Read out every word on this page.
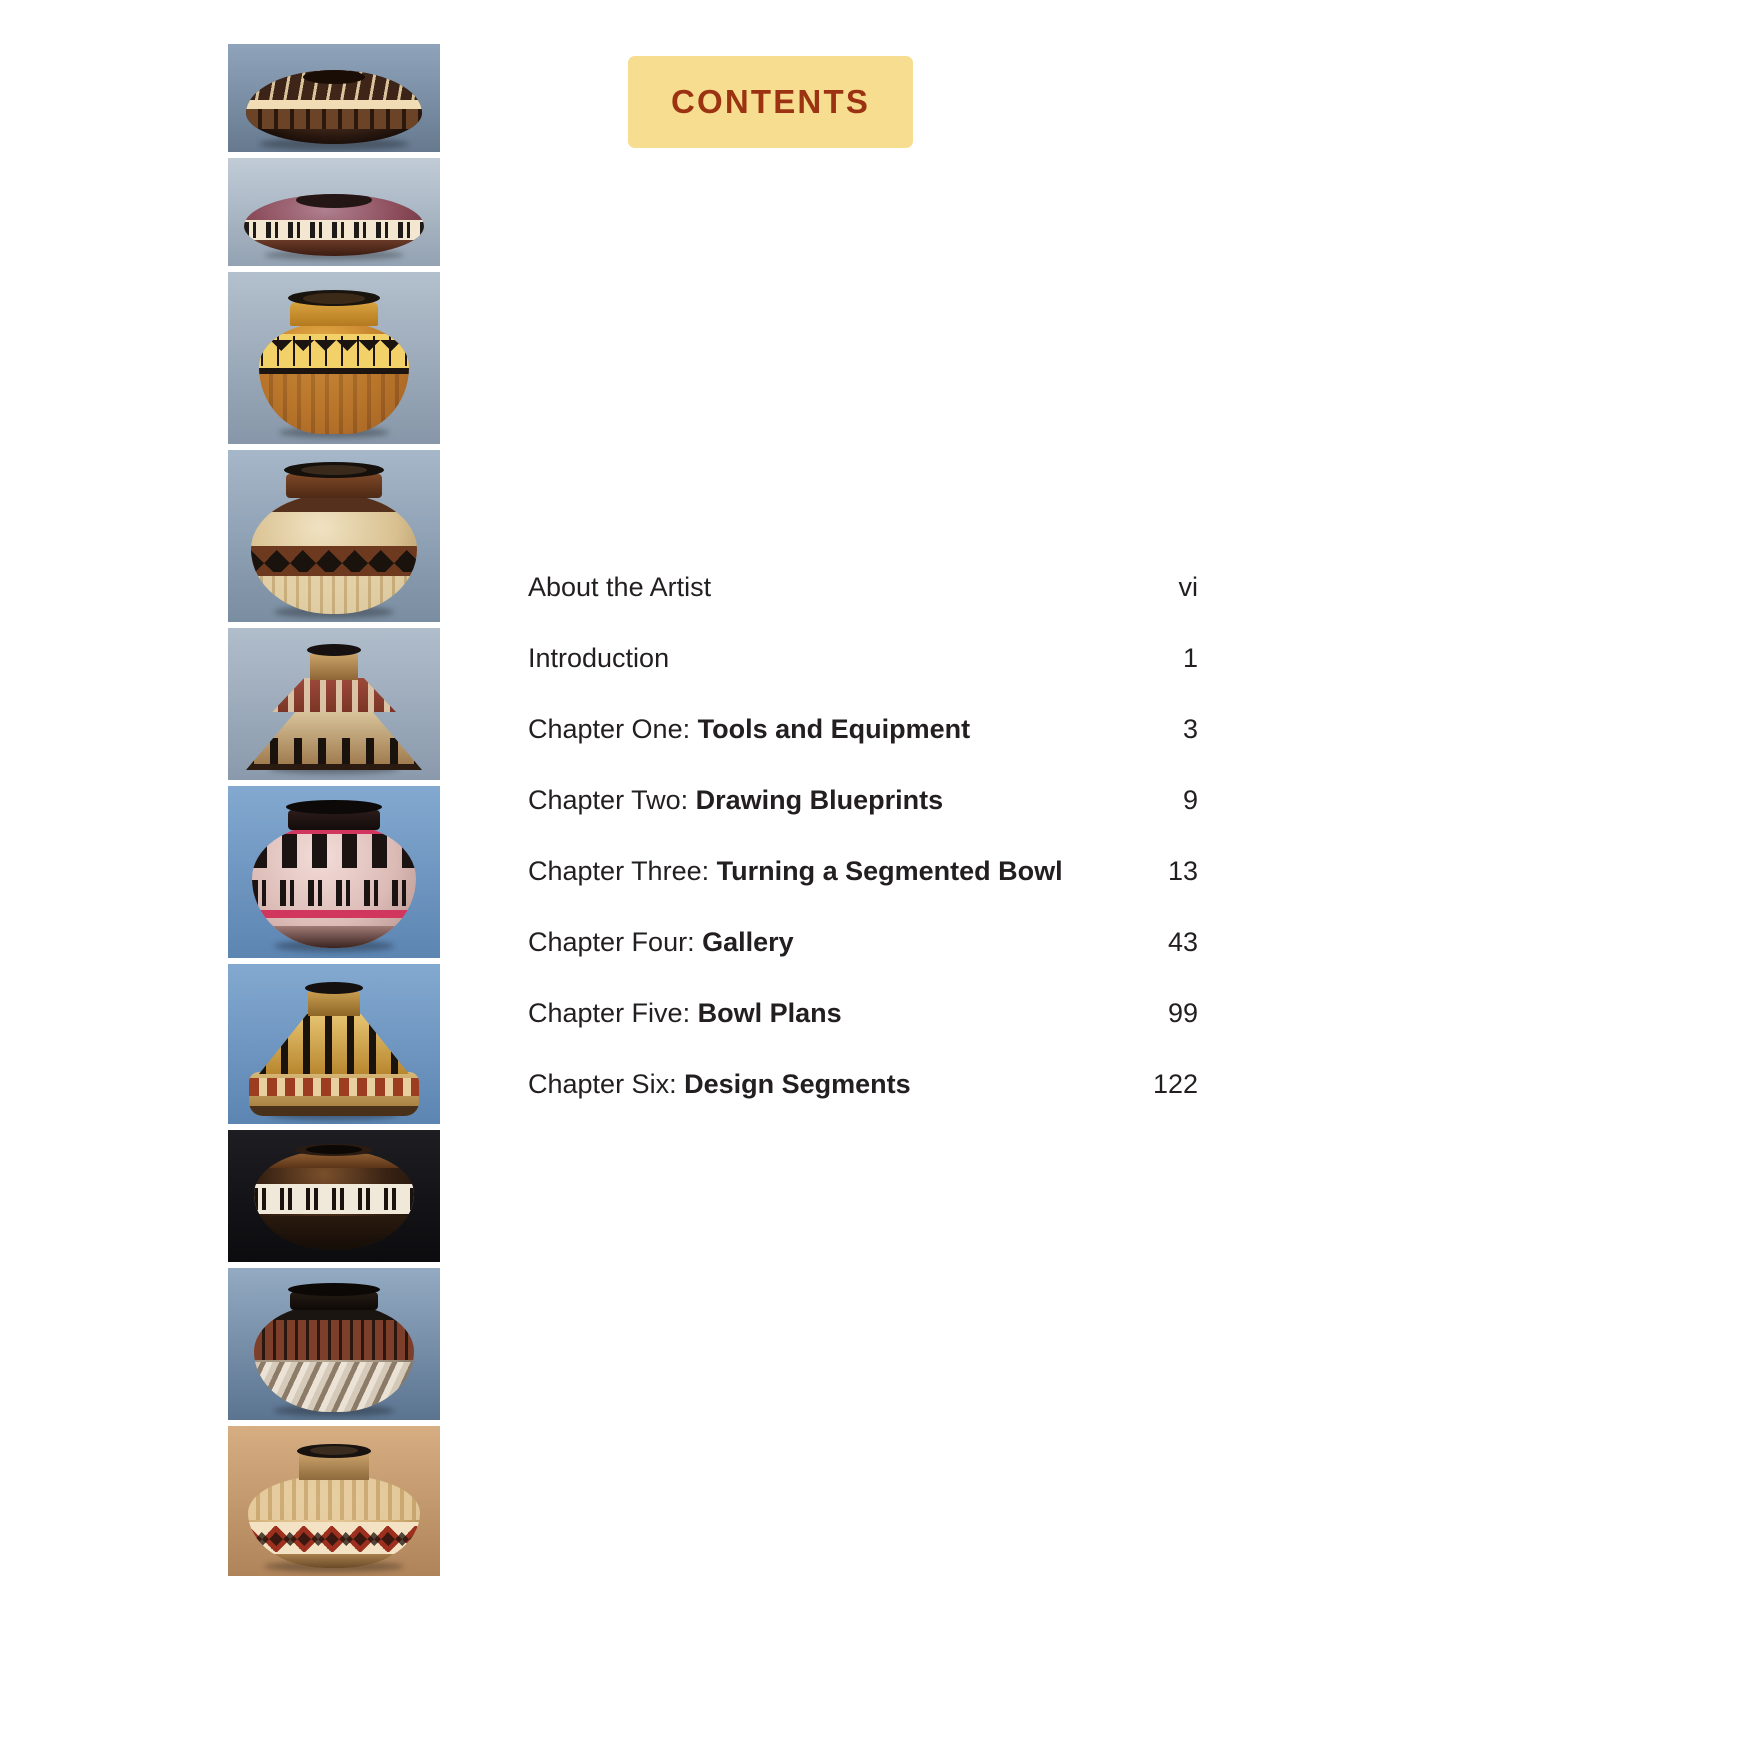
CONTENTS
About the Artist	vi
Introduction	1
Chapter One: Tools and Equipment	3
Chapter Two: Drawing Blueprints	9
Chapter Three: Turning a Segmented Bowl	13
Chapter Four: Gallery	43
Chapter Five: Bowl Plans	99
Chapter Six: Design Segments	122
